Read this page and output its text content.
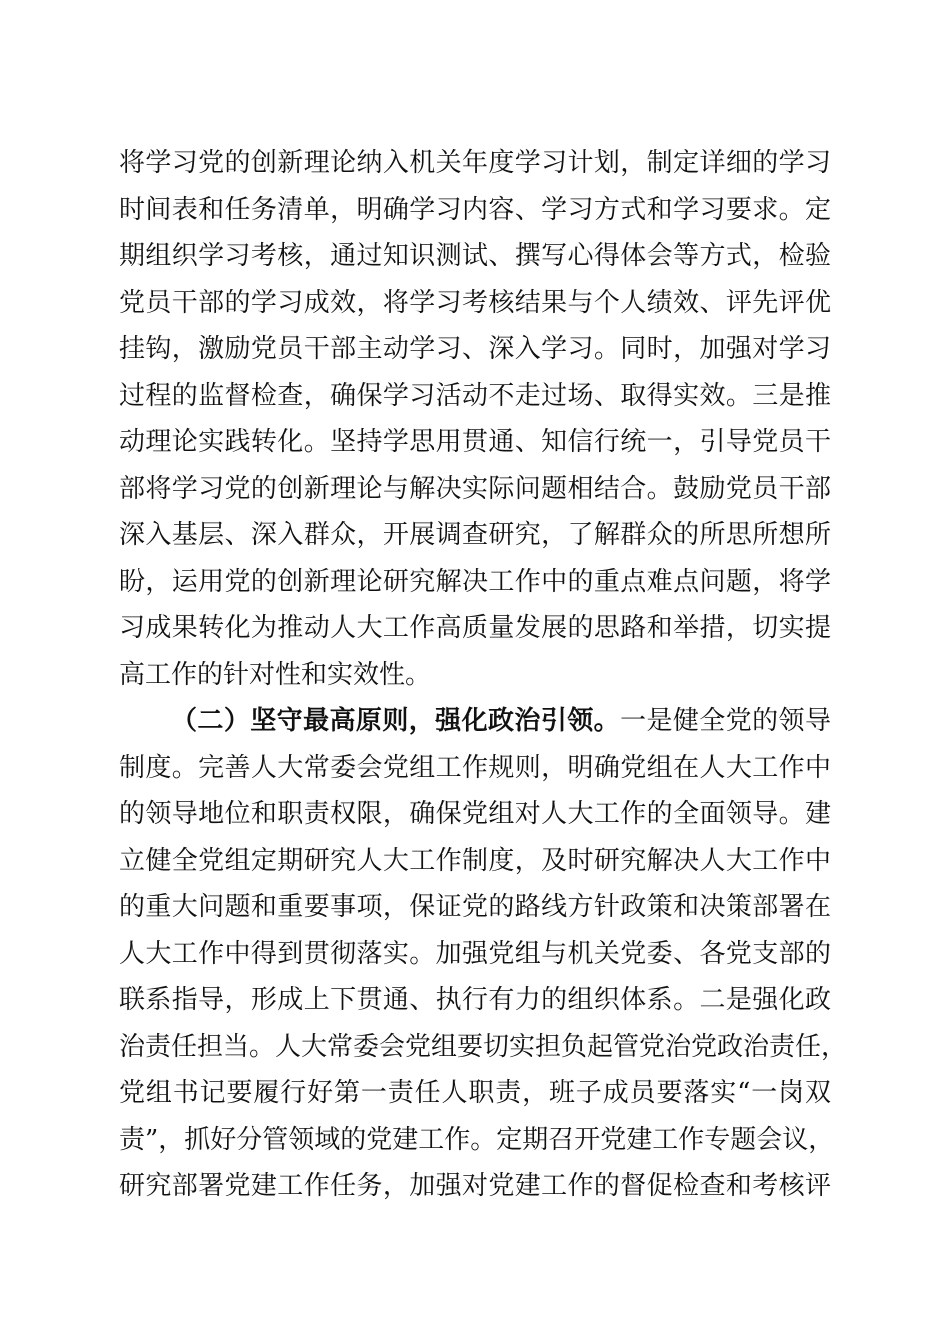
将学习党的创新理论纳入机关年度学习计划，制定详细的学习
时间表和任务清单，明确学习内容、学习方式和学习要求。定
期组织学习考核，通过知识测试、撰写心得体会等方式，检验
党员干部的学习成效，将学习考核结果与个人绩效、评先评优
挂钩，激励党员干部主动学习、深入学习。同时，加强对学习
过程的监督检查，确保学习活动不走过场、取得实效。三是推
动理论实践转化。坚持学思用贯通、知信行统一，引导党员干
部将学习党的创新理论与解决实际问题相结合。鼓励党员干部
深入基层、深入群众，开展调查研究，了解群众的所思所想所
盼，运用党的创新理论研究解决工作中的重点难点问题，将学
习成果转化为推动人大工作高质量发展的思路和举措，切实提
高工作的针对性和实效性。
（二）坚守最高原则，强化政治引领。一是健全党的领导
制度。完善人大常委会党组工作规则，明确党组在人大工作中
的领导地位和职责权限，确保党组对人大工作的全面领导。建
立健全党组定期研究人大工作制度，及时研究解决人大工作中
的重大问题和重要事项，保证党的路线方针政策和决策部署在
人大工作中得到贯彻落实。加强党组与机关党委、各党支部的
联系指导，形成上下贯通、执行有力的组织体系。二是强化政
治责任担当。人大常委会党组要切实担负起管党治党政治责任，
党组书记要履行好第一责任人职责，班子成员要落实“一岗双
责”，抓好分管领域的党建工作。定期召开党建工作专题会议，
研究部署党建工作任务，加强对党建工作的督促检查和考核评
